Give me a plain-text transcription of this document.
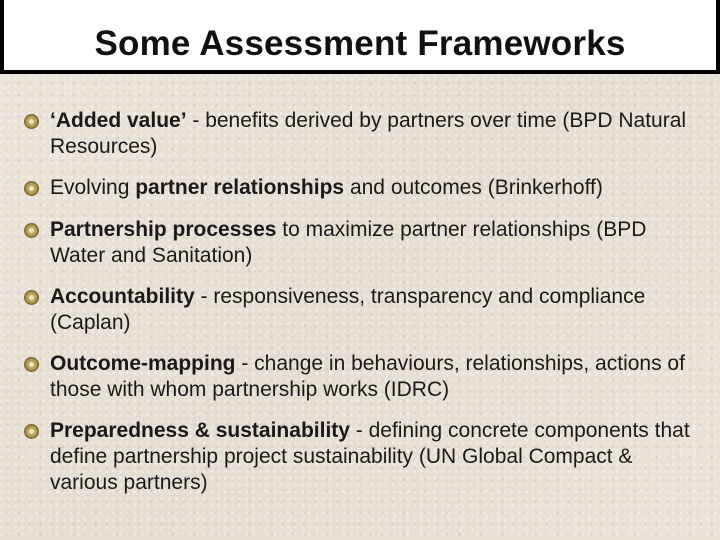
Some Assessment Frameworks
‘Added value’ - benefits derived by partners over time (BPD Natural Resources)
Evolving partner relationships and outcomes (Brinkerhoff)
Partnership processes to maximize partner relationships (BPD Water and Sanitation)
Accountability - responsiveness, transparency and compliance (Caplan)
Outcome-mapping - change in behaviours, relationships, actions of those with whom partnership works (IDRC)
Preparedness & sustainability - defining concrete components that define partnership project sustainability (UN Global Compact & various partners)
